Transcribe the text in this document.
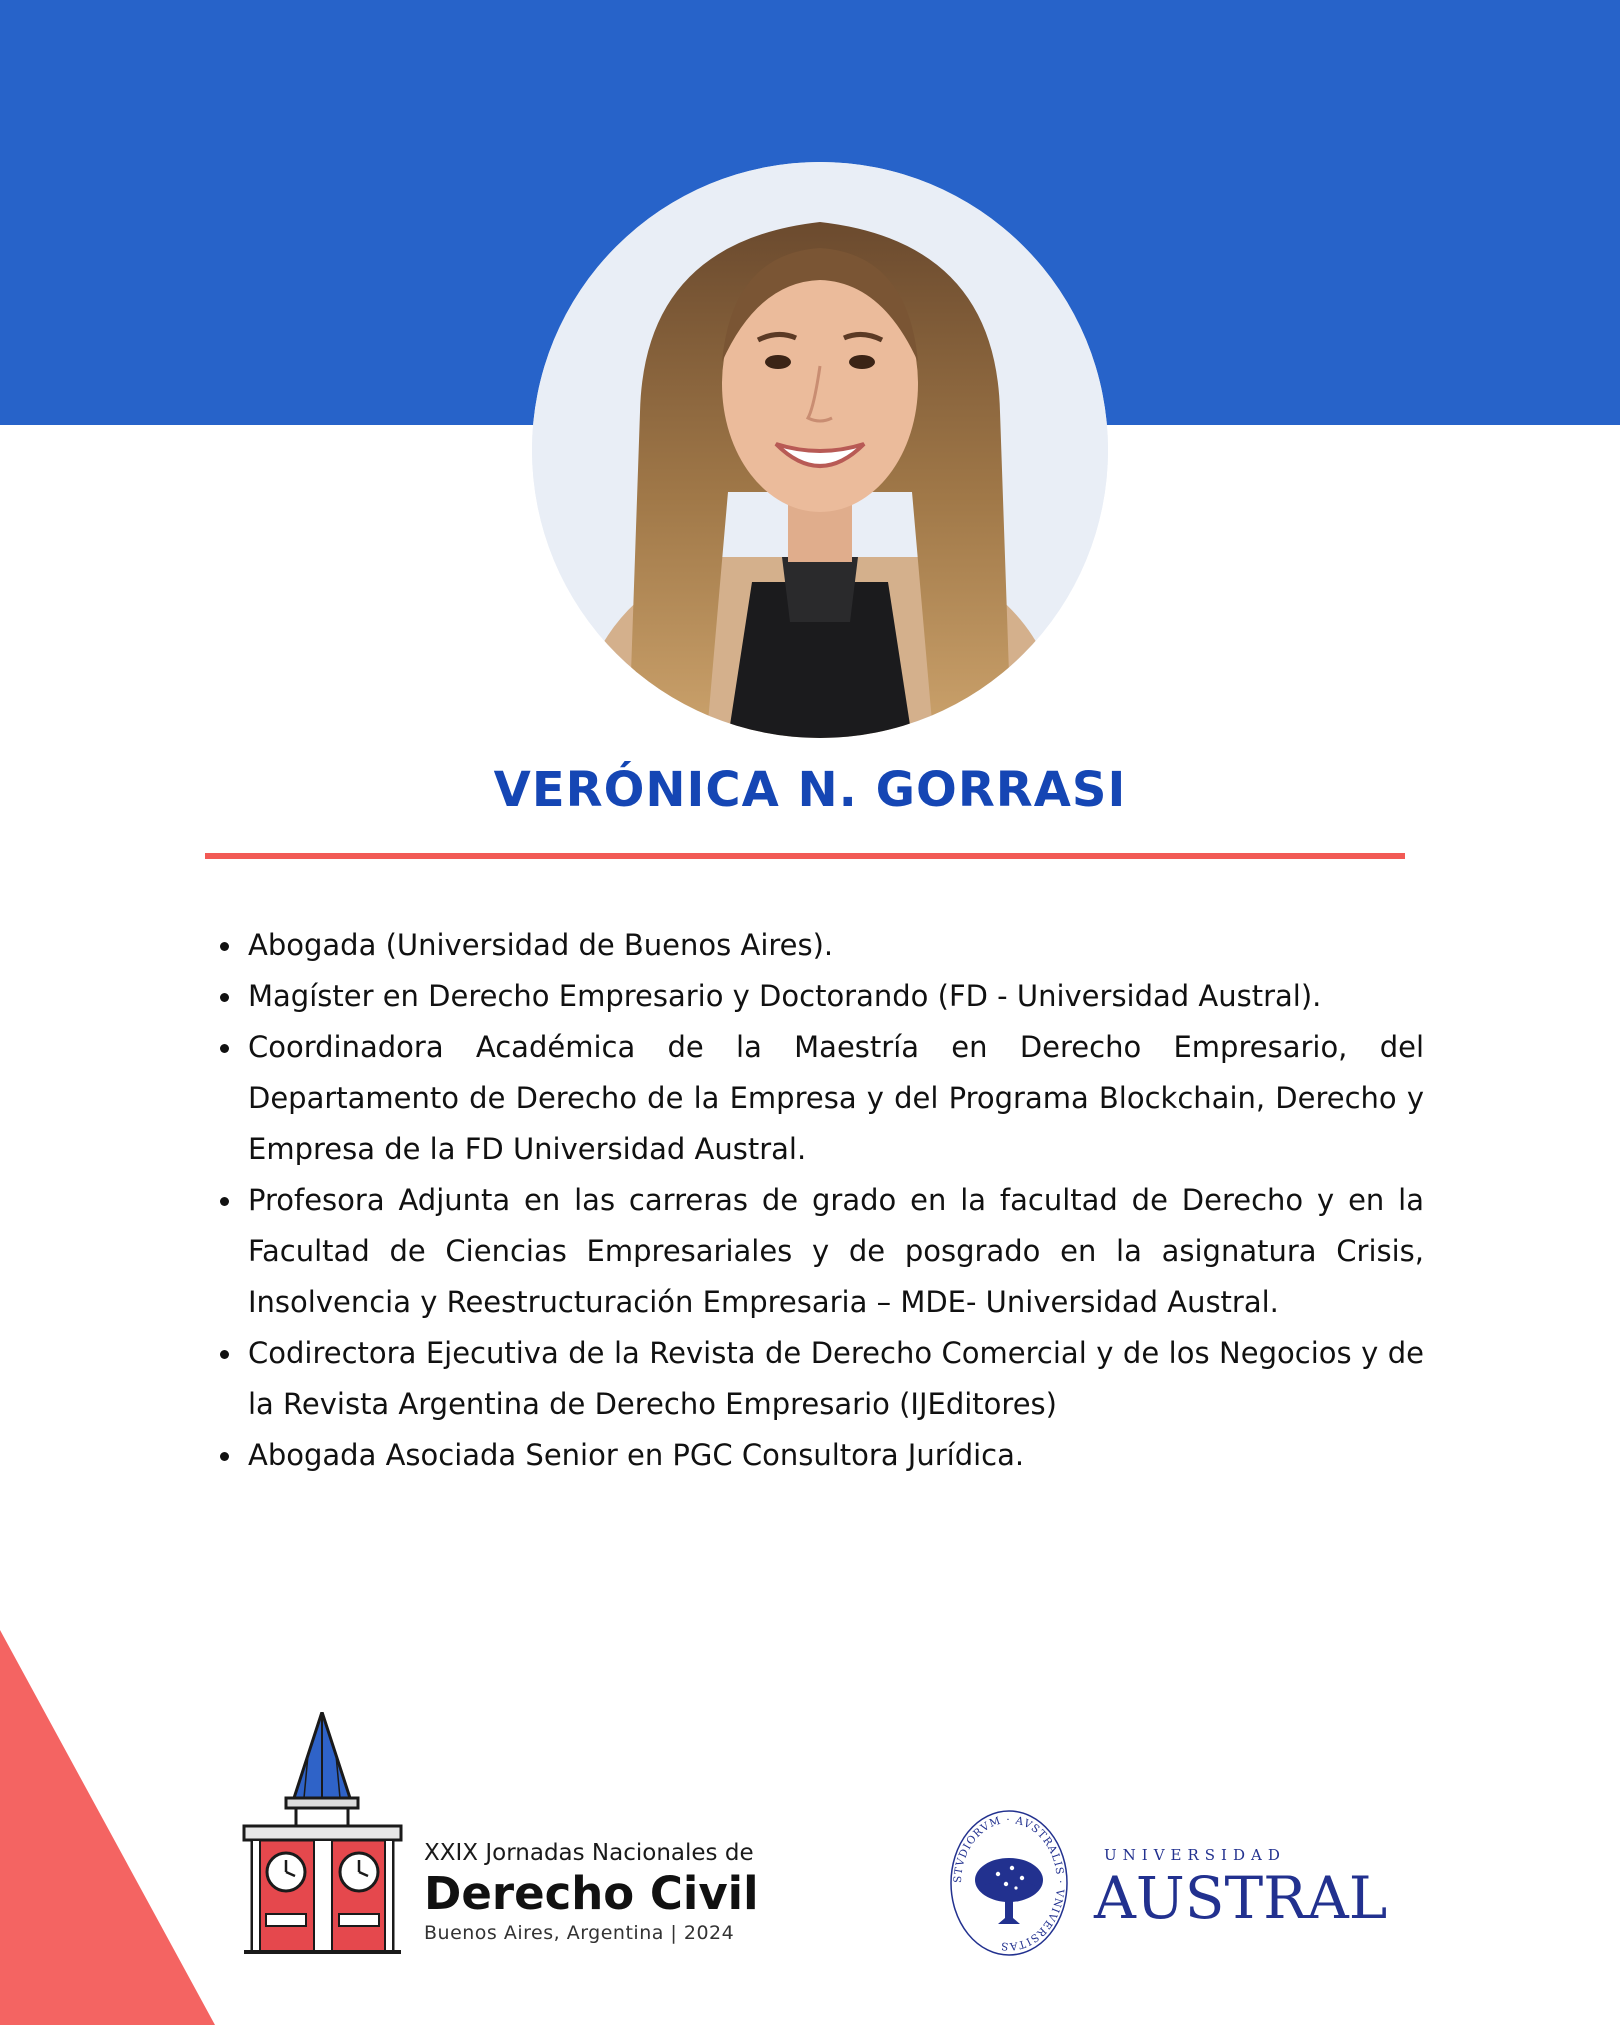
VERÓNICA N. GORRASI
Abogada (Universidad de Buenos Aires).
Magíster en Derecho Empresario y Doctorando (FD - Universidad Austral).
Coordinadora Académica de la Maestría en Derecho Empresario, del Departamento de Derecho de la Empresa y del Programa Blockchain, Derecho y Empresa de la FD Universidad Austral.
Profesora Adjunta en las carreras de grado en la facultad de Derecho y en la Facultad de Ciencias Empresariales y de posgrado en la asignatura Crisis, Insolvencia y Reestructuración Empresaria – MDE- Universidad Austral.
Codirectora Ejecutiva de la Revista de Derecho Comercial y de los Negocios y de la Revista Argentina de Derecho Empresario (IJEditores)
Abogada Asociada Senior en PGC Consultora Jurídica.
XXIX Jornadas Nacionales de
Derecho Civil
Buenos Aires, Argentina | 2024
STVDIORVM · AVSTRALIS · VNIVERSITAS
UNIVERSIDAD
AUSTRAL
